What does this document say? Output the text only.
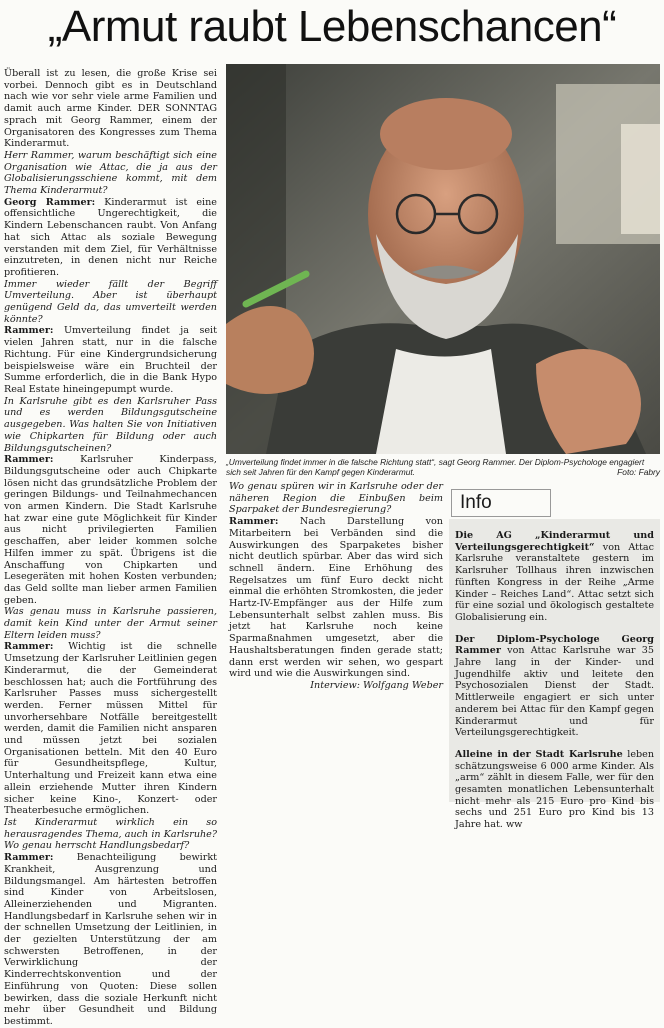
„Armut raubt Lebenschancen“

Überall ist zu lesen, die große Krise sei vorbei. Dennoch gibt es in Deutschland nach wie vor sehr viele arme Familien und damit auch arme Kinder. DER SONNTAG sprach mit Georg Rammer, einem der Organisatoren des Kongresses zum Thema Kinderarmut.

Herr Rammer, warum beschäftigt sich eine Organisation wie Attac, die ja aus der Globalisierungsschiene kommt, mit dem Thema Kinderarmut?

Georg Rammer: Kinderarmut ist eine offensichtliche Ungerechtigkeit, die Kindern Lebenschancen raubt. Von Anfang hat sich Attac als soziale Bewegung verstanden mit dem Ziel, für Verhältnisse einzutreten, in denen nicht nur Reiche profitieren.

Immer wieder fällt der Begriff Umverteilung. Aber ist überhaupt genügend Geld da, das umverteilt werden könnte?

Rammer: Umverteilung findet ja seit vielen Jahren statt, nur in die falsche Richtung. Für eine Kindergrundsicherung beispielsweise wäre ein Bruchteil der Summe erforderlich, die in die Bank Hypo Real Estate hineingepumpt wurde.

In Karlsruhe gibt es den Karlsruher Pass und es werden Bildungsgutscheine ausgegeben. Was halten Sie von Initiativen wie Chipkarten für Bildung oder auch Bildungsgutscheinen?

Rammer:	Karlsruher Kinderpass, Bildungsgutscheine oder auch Chipkarte lösen nicht das grundsätzliche Problem der geringen Bildungs- und Teilnahmechancen von armen Kindern. Die Stadt Karlsruhe hat zwar eine gute Möglichkeit für Kinder aus nicht privilegierten Familien geschaffen, aber leider kommen solche Hilfen immer zu spät. Übrigens ist die Anschaffung von Chipkarten und Lesegeräten mit hohen Kosten verbunden; das Geld sollte man lieber armen Familien geben.

Was genau muss in Karlsruhe passieren, damit kein Kind unter der Armut seiner Eltern leiden muss?

Rammer: Wichtig ist die schnelle Umsetzung der Karlsruher Leitlinien gegen Kinderarmut, die der Gemeinderat beschlossen hat; auch die Fortführung des Karlsruher Passes muss sichergestellt werden. Ferner müssen Mittel für unvorhersehbare Notfälle bereitgestellt werden, damit die Familien nicht ansparen und müssen jetzt bei sozialen Organisationen betteln. Mit den 40 Euro für Gesundheitspflege, Kultur, Unterhaltung und Freizeit kann etwa eine allein erziehende Mutter ihren Kindern sicher keine Kino-, Konzert- oder Theaterbesuche ermöglichen.

Ist Kinderarmut wirklich ein so herausragendes Thema, auch in Karlsruhe? Wo genau herrscht Handlungsbedarf?

Rammer: Benachteiligung bewirkt Krankheit, Ausgrenzung und Bildungsmangel. Am härtesten betroffen sind Kinder von Arbeitslosen, Alleinerziehenden und Migranten. Handlungsbedarf in Karlsruhe sehen wir in der schnellen Umsetzung der Leitlinien, in der gezielten Unterstützung der am schwersten Betroffenen, in der Verwirklichung der Kinderrechtskonvention und der Einführung von Quoten: Diese sollen bewirken, dass die soziale Herkunft nicht mehr über Gesundheit und Bildung bestimmt.

„Umverteilung findet immer in die falsche Richtung statt“, sagt Georg Rammer. Der Diplom-Psychologe engagiert sich seit Jahren für den Kampf gegen Kinderarmut.	Foto: Fabry

Wo genau spüren wir in Karlsruhe oder der näheren Region die Einbußen beim Sparpaket der Bundesregierung?

Rammer: Nach Darstellung von Mitarbeitern bei Verbänden sind die Auswirkungen des Sparpaketes bisher nicht deutlich spürbar. Aber das wird sich schnell ändern. Eine Erhöhung des Regelsatzes um fünf Euro deckt nicht einmal die erhöhten Stromkosten, die jeder Hartz-IV-Empfänger aus der Hilfe zum Lebensunterhalt selbst zahlen muss. Bis jetzt hat Karlsruhe noch keine Sparmaßnahmen umgesetzt, aber die Haushaltsberatungen finden gerade statt; dann erst werden wir sehen, wo gespart wird und wie die Auswirkungen sind.

Interview: Wolfgang Weber

Info

Die AG „Kinderarmut und Verteilungsgerechtigkeit“ von Attac Karlsruhe veranstaltete gestern im Karlsruher Tollhaus ihren inzwischen fünften Kongress in der Reihe „Arme Kinder – Reiches Land“. Attac setzt sich für eine sozial und ökologisch gestaltete Globalisierung ein.

Der Diplom-Psychologe Georg Rammer von Attac Karlsruhe war 35 Jahre lang in der Kinder- und Jugendhilfe aktiv und leitete den Psychosozialen Dienst der Stadt. Mittlerweile engagiert er sich unter anderem bei Attac für den Kampf gegen Kinderarmut und für Verteilungsgerechtigkeit.

Alleine in der Stadt Karlsruhe leben schätzungsweise 6 000 arme Kinder. Als „arm“ zählt in diesem Falle, wer für den gesamten monatlichen Lebensunterhalt nicht mehr als 215 Euro pro Kind bis sechs und 251 Euro pro Kind bis 13 Jahre hat. ww
